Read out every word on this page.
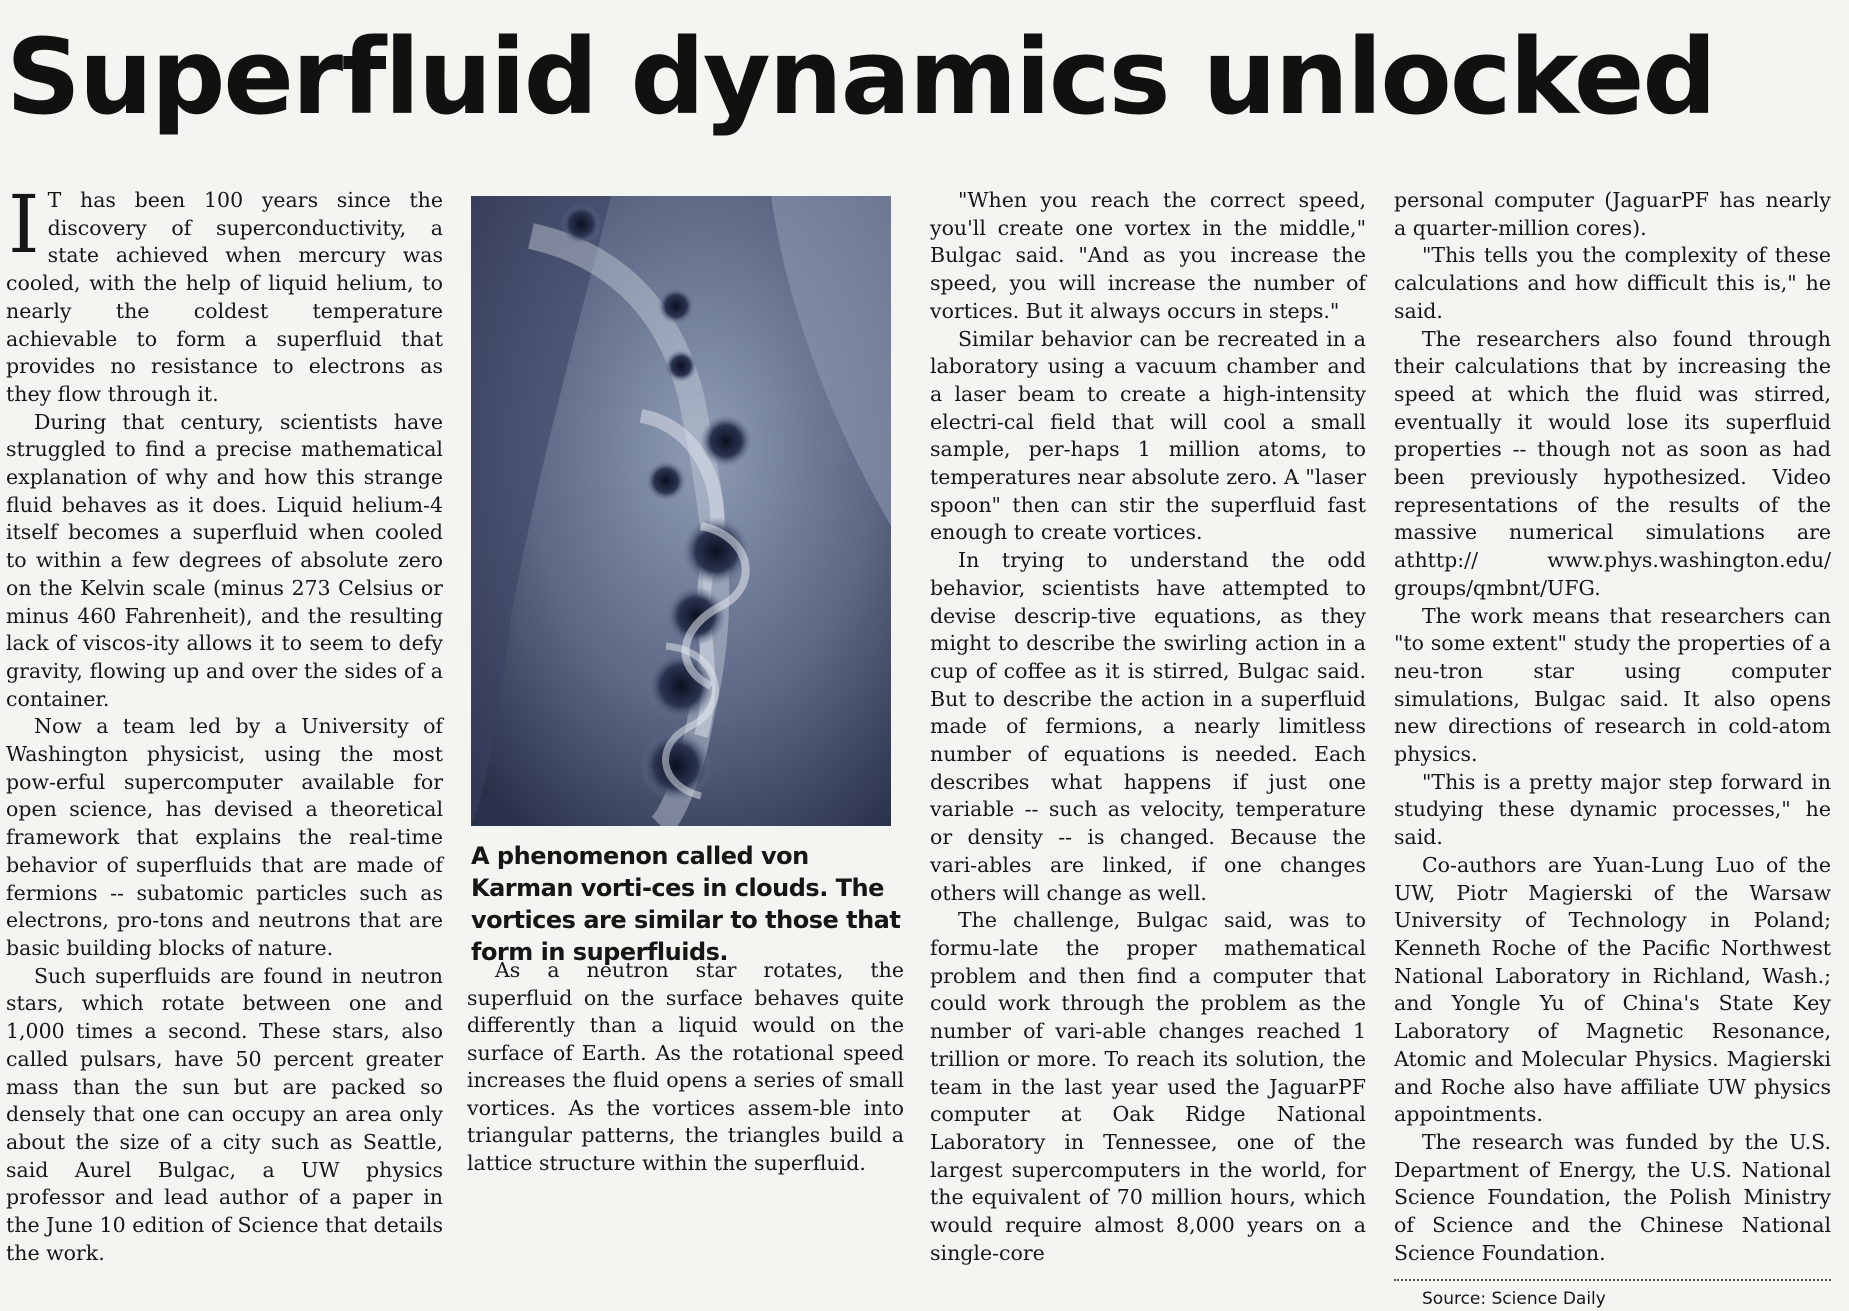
Superfluid dynamics unlocked

I T has been 100 years since the discovery of superconductivity, a state achieved when mercury was cooled, with the help of liquid helium, to nearly the coldest temperature achievable to form a superfluid that provides no resistance to electrons as they flow through it.

During that century, scientists have struggled to find a precise mathematical explanation of why and how this strange fluid behaves as it does. Liquid helium-4 itself becomes a superfluid when cooled to within a few degrees of absolute zero on the Kelvin scale (minus 273 Celsius or minus 460 Fahrenheit), and the resulting lack of viscos-ity allows it to seem to defy gravity, flowing up and over the sides of a container.

Now a team led by a University of Washington physicist, using the most pow-erful supercomputer available for open science, has devised a theoretical framework that explains the real-time behavior of superfluids that are made of fermions -- subatomic particles such as electrons, pro-tons and neutrons that are basic building blocks of nature.

Such superfluids are found in neutron stars, which rotate between one and 1,000 times a second. These stars, also called pulsars, have 50 percent greater mass than the sun but are packed so densely that one can occupy an area only about the size of a city such as Seattle, said Aurel Bulgac, a UW physics professor and lead author of a paper in the June 10 edition of Science that details the work.

A phenomenon called von Karman vorti-ces in clouds. The vortices are similar to those that form in superfluids.

As a neutron star rotates, the superfluid on the surface behaves quite differently than a liquid would on the surface of Earth. As the rotational speed increases the fluid opens a series of small vortices. As the vortices assem-ble into triangular patterns, the triangles build a lattice structure within the superfluid.

"When you reach the correct speed, you'll create one vortex in the middle," Bulgac said. "And as you increase the speed, you will increase the number of vortices. But it always occurs in steps."

Similar behavior can be recreated in a laboratory using a vacuum chamber and a laser beam to create a high-intensity electri-cal field that will cool a small sample, per-haps 1 million atoms, to temperatures near absolute zero. A "laser spoon" then can stir the superfluid fast enough to create vortices.

In trying to understand the odd behavior, scientists have attempted to devise descrip-tive equations, as they might to describe the swirling action in a cup of coffee as it is stirred, Bulgac said. But to describe the action in a superfluid made of fermions, a nearly limitless number of equations is needed. Each describes what happens if just one variable -- such as velocity, temperature or density -- is changed. Because the vari-ables are linked, if one changes others will change as well.

The challenge, Bulgac said, was to formu-late the proper mathematical problem and then find a computer that could work through the problem as the number of vari-able changes reached 1 trillion or more. To reach its solution, the team in the last year used the JaguarPF computer at Oak Ridge National Laboratory in Tennessee, one of the largest supercomputers in the world, for the equivalent of 70 million hours, which would require almost 8,000 years on a single-core

personal computer (JaguarPF has nearly a quarter-million cores).

"This tells you the complexity of these calculations and how difficult this is," he said.

The researchers also found through their calculations that by increasing the speed at which the fluid was stirred, eventually it would lose its superfluid properties -- though not as soon as had been previously hypothesized. Video representations of the results of the massive numerical simulations are athttp:// www.phys.washington.edu/ groups/qmbnt/UFG.

The work means that researchers can "to some extent" study the properties of a neu-tron star using computer simulations, Bulgac said. It also opens new directions of research in cold-atom physics.

"This is a pretty major step forward in studying these dynamic processes," he said.

Co-authors are Yuan-Lung Luo of the UW, Piotr Magierski of the Warsaw University of Technology in Poland; Kenneth Roche of the Pacific Northwest National Laboratory in Richland, Wash.; and Yongle Yu of China's State Key Laboratory of Magnetic Resonance, Atomic and Molecular Physics. Magierski and Roche also have affiliate UW physics appointments.

The research was funded by the U.S. Department of Energy, the U.S. National Science Foundation, the Polish Ministry of Science and the Chinese National Science Foundation.

Source: Science Daily
